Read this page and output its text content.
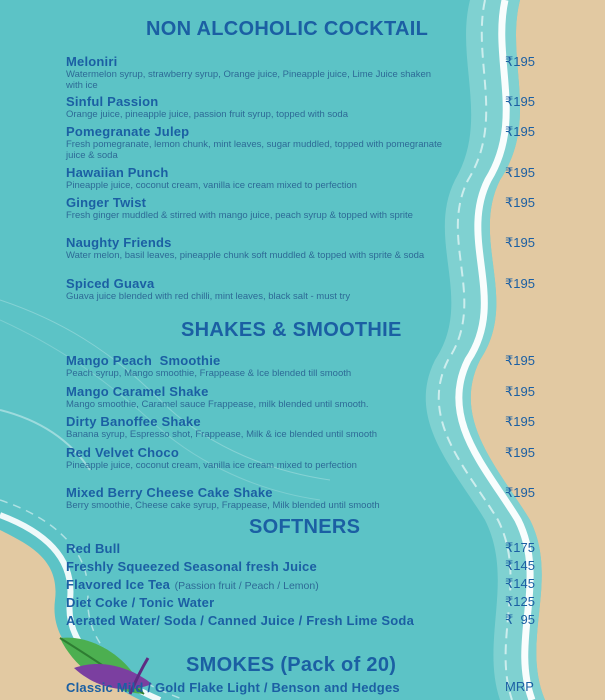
NON ALCOHOLIC COCKTAIL
Meloniri
Watermelon syrup, strawberry syrup, Orange juice, Pineapple juice, Lime Juice shaken with ice
₹195
Sinful Passion
Orange juice, pineapple juice, passion fruit syrup, topped with soda
₹195
Pomegranate Julep
Fresh pomegranate, lemon chunk, mint leaves, sugar muddled, topped with pomegranate juice & soda
₹195
Hawaiian Punch
Pineapple juice, coconut cream, vanilla ice cream mixed to perfection
₹195
Ginger Twist
Fresh ginger muddled & stirred with mango juice, peach syrup & topped with sprite
₹195
Naughty Friends
Water melon, basil leaves, pineapple chunk soft muddled & topped with sprite & soda
₹195
Spiced Guava
Guava juice blended with red chilli, mint leaves, black salt - must try
₹195
SHAKES & SMOOTHIE
Mango Peach  Smoothie
Peach syrup, Mango smoothie, Frappease & Ice blended till smooth
₹195
Mango Caramel Shake
Mango smoothie, Caramel sauce Frappease, milk blended until smooth.
₹195
Dirty Banoffee Shake
Banana syrup, Espresso shot, Frappease, Milk & ice blended until smooth
₹195
Red Velvet Choco
Pineapple juice, coconut cream, vanilla ice cream mixed to perfection
₹195
Mixed Berry Cheese Cake Shake
Berry smoothie, Cheese cake syrup, Frappease, Milk blended until smooth
₹195
SOFTNERS
Red Bull	₹175
Freshly Squeezed Seasonal fresh Juice	₹145
Flavored Ice Tea (Passion fruit / Peach / Lemon)	₹145
Diet Coke / Tonic Water	₹125
Aerated Water/ Soda / Canned Juice / Fresh Lime Soda	₹  95
SMOKES (Pack of 20)
Classic Mild / Gold Flake Light / Benson and Hedges	MRP
